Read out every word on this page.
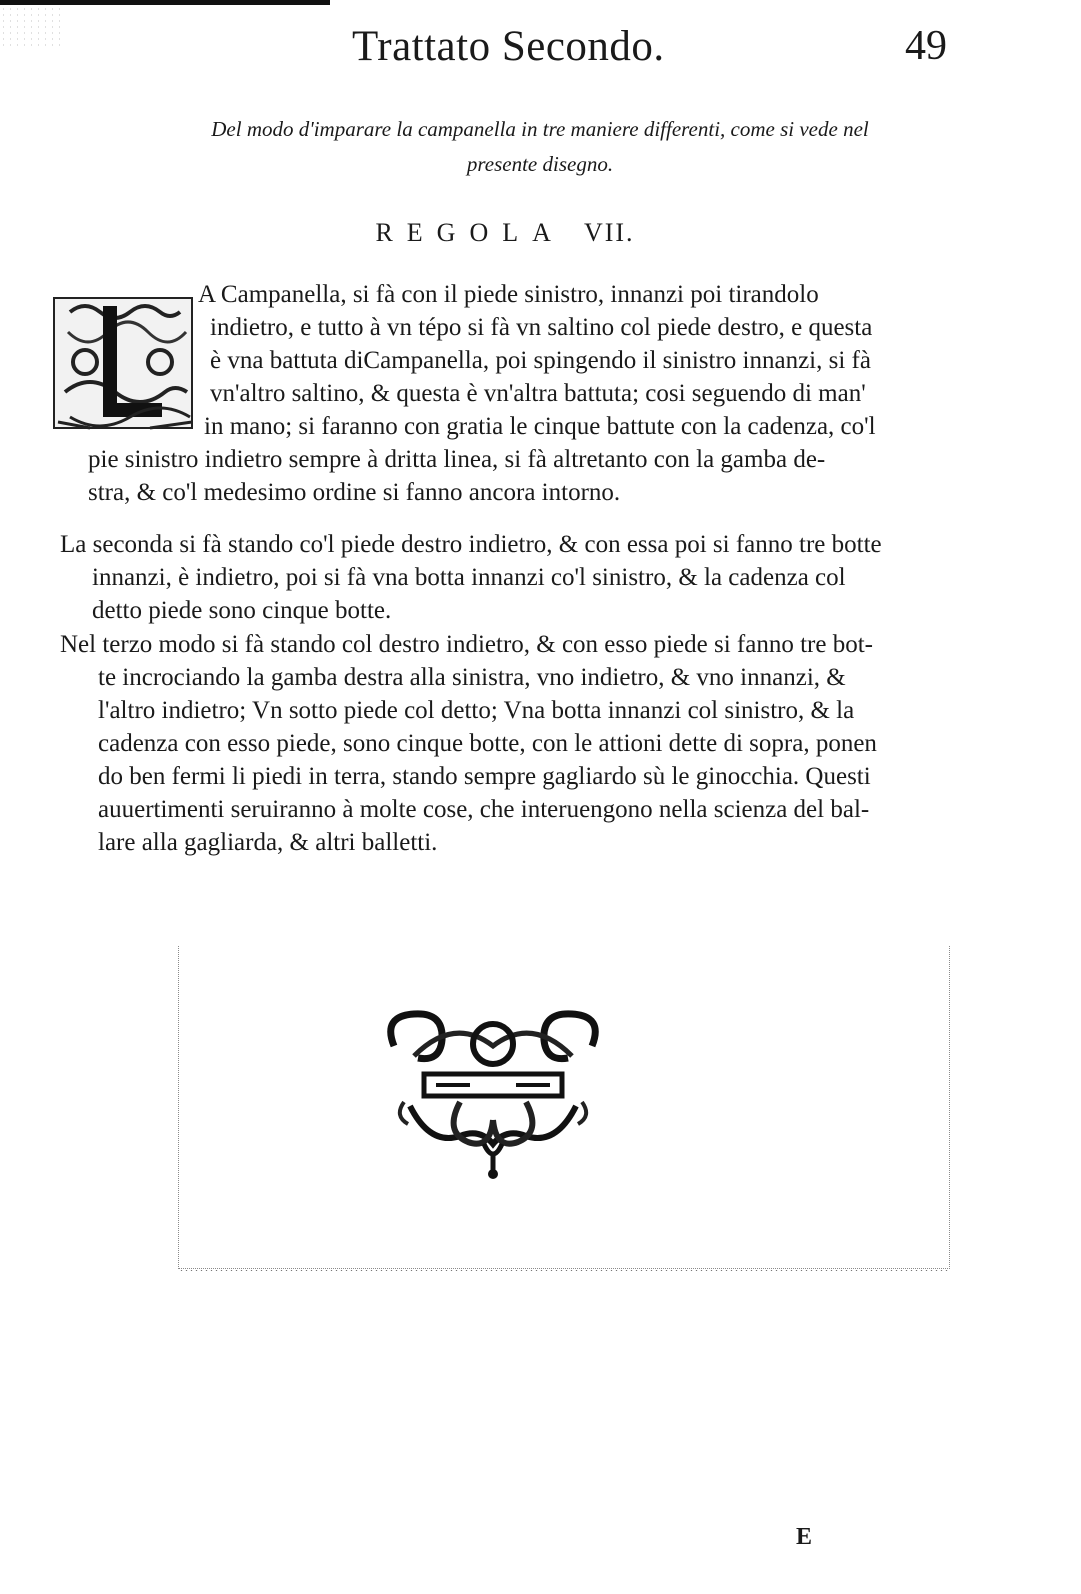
Trattato Secondo.	49
Del modo d'imparare la campanella in tre maniere differenti, come si vede nel
presente disegno.
REGOLA VII.
A Campanella, si fà con il piede sinistro, innanzi poi tirandolo
indietro, e tutto à vn tépo si fà vn saltino col piede destro, e questa
è vna battuta diCampanella, poi spingendo il sinistro innanzi, si fà
vn'altro saltino, & questa è vn'altra battuta; cosi seguendo di man'
in mano; si faranno con gratia le cinque battute con la cadenza, co'l
pie sinistro indietro sempre à dritta linea, si fà altretanto con la gamba de-
stra, & co'l medesimo ordine si fanno ancora intorno.
La seconda si fà stando co'l piede destro indietro, & con essa poi si fanno tre botte
innanzi, è indietro, poi si fà vna botta innanzi co'l sinistro, & la cadenza col
detto piede sono cinque botte.
Nel terzo modo si fà stando col destro indietro, & con esso piede si fanno tre bot-
te incrociando la gamba destra alla sinistra, vno indietro, & vno innanzi, &
l'altro indietro; Vn sotto piede col detto; Vna botta innanzi col sinistro, & la
cadenza con esso piede, sono cinque botte, con le attioni dette di sopra, ponen
do ben fermi li piedi in terra, stando sempre gagliardo sù le ginocchia. Questi
auuertimenti seruiranno à molte cose, che interuengono nella scienza del bal-
lare alla gagliarda, & altri balletti.
E
